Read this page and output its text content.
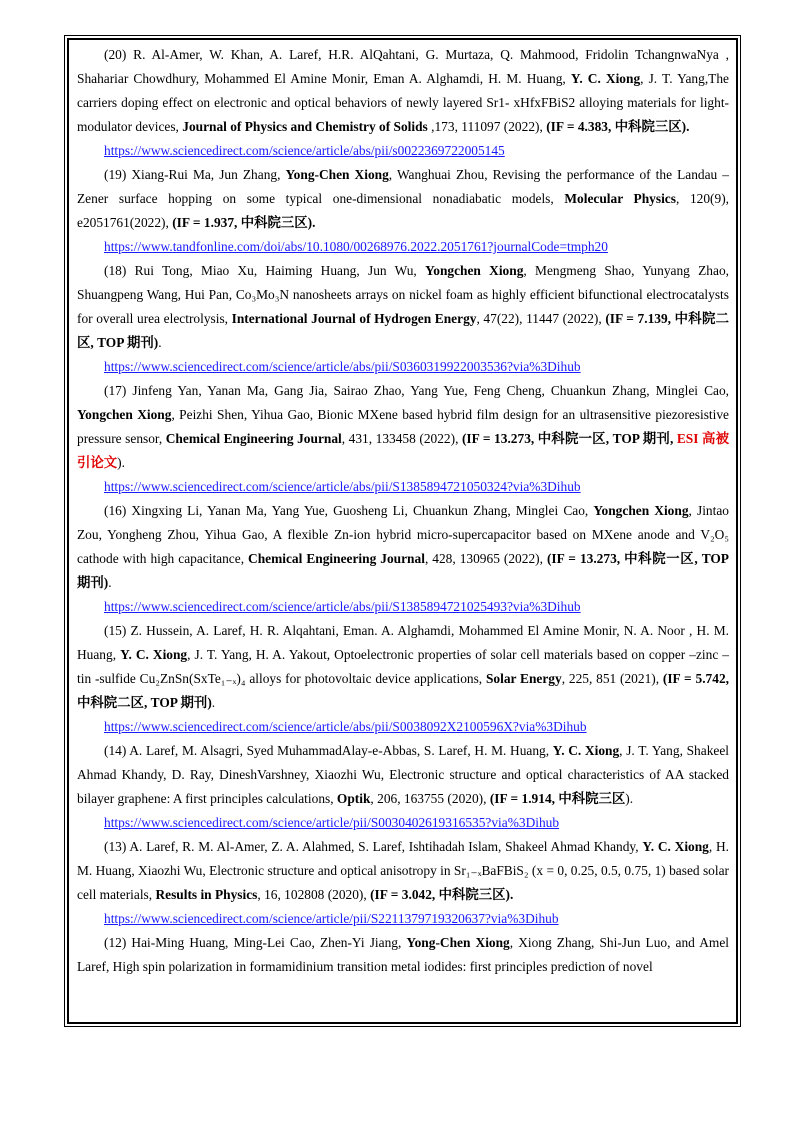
(20) R. Al-Amer, W. Khan, A. Laref, H.R. AlQahtani, G. Murtaza, Q. Mahmood, Fridolin TchangnwaNya , Shahariar Chowdhury, Mohammed El Amine Monir, Eman A. Alghamdi, H. M. Huang, Y. C. Xiong, J. T. Yang,The carriers doping effect on electronic and optical behaviors of newly layered Sr1- xHfxFBiS2 alloying materials for light-modulator devices, Journal of Physics and Chemistry of Solids ,173, 111097 (2022), (IF = 4.383, 中科院三区).

https://www.sciencedirect.com/science/article/abs/pii/s0022369722005145

(19) Xiang-Rui Ma, Jun Zhang, Yong-Chen Xiong, Wanghuai Zhou, Revising the performance of the Landau –Zener surface hopping on some typical one-dimensional nonadiabatic models, Molecular Physics, 120(9), e2051761(2022), (IF = 1.937, 中科院三区).

https://www.tandfonline.com/doi/abs/10.1080/00268976.2022.2051761?journalCode=tmph20

(18) Rui Tong, Miao Xu, Haiming Huang, Jun Wu, Yongchen Xiong, Mengmeng Shao, Yunyang Zhao, Shuangpeng Wang, Hui Pan, Co₃Mo₃N nanosheets arrays on nickel foam as highly efficient bifunctional electrocatalysts for overall urea electrolysis, International Journal of Hydrogen Energy, 47(22), 11447 (2022), (IF = 7.139, 中科院二区, TOP 期刊).

https://www.sciencedirect.com/science/article/abs/pii/S0360319922003536?via%3Dihub

(17) Jinfeng Yan, Yanan Ma, Gang Jia, Sairao Zhao, Yang Yue, Feng Cheng, Chuankun Zhang, Minglei Cao, Yongchen Xiong, Peizhi Shen, Yihua Gao, Bionic MXene based hybrid film design for an ultrasensitive piezoresistive pressure sensor, Chemical Engineering Journal, 431, 133458 (2022), (IF = 13.273, 中科院一区, TOP 期刊, ESI 高被引论文).

https://www.sciencedirect.com/science/article/abs/pii/S1385894721050324?via%3Dihub

(16) Xingxing Li, Yanan Ma, Yang Yue, Guosheng Li, Chuankun Zhang, Minglei Cao, Yongchen Xiong, Jintao Zou, Yongheng Zhou, Yihua Gao, A flexible Zn-ion hybrid micro-supercapacitor based on MXene anode and V₂O₅ cathode with high capacitance, Chemical Engineering Journal, 428, 130965 (2022), (IF = 13.273, 中科院一区, TOP 期刊).

https://www.sciencedirect.com/science/article/abs/pii/S1385894721025493?via%3Dihub

(15) Z. Hussein, A. Laref, H. R. Alqahtani, Eman. A. Alghamdi, Mohammed El Amine Monir, N. A. Noor , H. M. Huang, Y. C. Xiong, J. T. Yang, H. A. Yakout, Optoelectronic properties of solar cell materials based on copper –zinc –tin -sulfide Cu₂ZnSn(SxTe₁₋ₓ)₄ alloys for photovoltaic device applications, Solar Energy, 225, 851 (2021), (IF = 5.742, 中科院二区, TOP 期刊).

https://www.sciencedirect.com/science/article/abs/pii/S0038092X2100596X?via%3Dihub

(14) A. Laref, M. Alsagri, Syed MuhammadAlay-e-Abbas, S. Laref, H. M. Huang, Y. C. Xiong, J. T. Yang, Shakeel Ahmad Khandy, D. Ray, DineshVarshney, Xiaozhi Wu, Electronic structure and optical characteristics of AA stacked bilayer graphene: A first principles calculations, Optik, 206, 163755 (2020), (IF = 1.914, 中科院三区).

https://www.sciencedirect.com/science/article/pii/S0030402619316535?via%3Dihub

(13) A. Laref, R. M. Al-Amer, Z. A. Alahmed, S. Laref, Ishtihadah Islam, Shakeel Ahmad Khandy, Y. C. Xiong, H. M. Huang, Xiaozhi Wu, Electronic structure and optical anisotropy in Sr₁₋ₓBaFBiS₂ (x = 0, 0.25, 0.5, 0.75, 1) based solar cell materials, Results in Physics, 16, 102808 (2020), (IF = 3.042, 中科院三区).

https://www.sciencedirect.com/science/article/pii/S2211379719320637?via%3Dihub

(12) Hai-Ming Huang, Ming-Lei Cao, Zhen-Yi Jiang, Yong-Chen Xiong, Xiong Zhang, Shi-Jun Luo, and Amel Laref, High spin polarization in formamidinium transition metal iodides: first principles prediction of novel
